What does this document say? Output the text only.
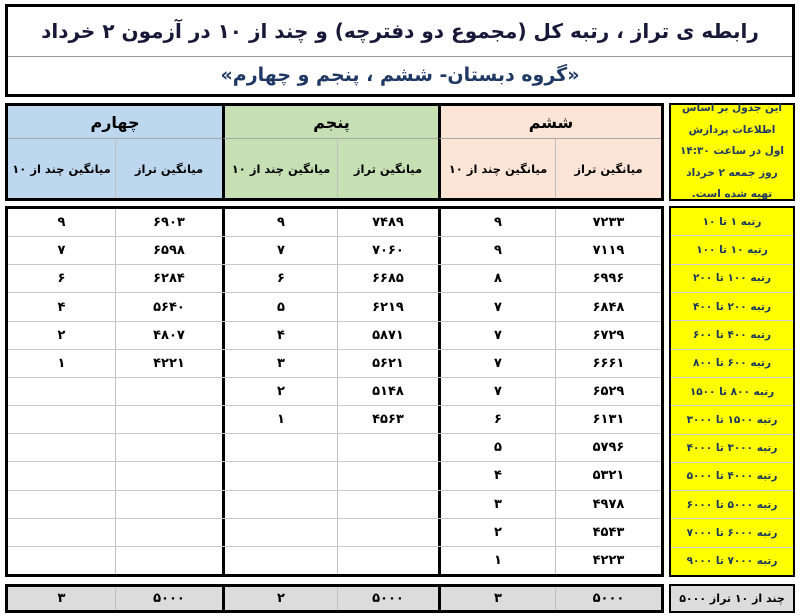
رابطه ی تراز ، رتبه کل (مجموع دو دفترچه) و چند از ۱۰ در آزمون ۲ خرداد
«گروه دبستان- ششم ، پنجم و چهارم»
این جدول بر اساس اطلاعات پردازش اول در ساعت ۱۴:۳۰ روز جمعه ۲ خرداد تهیه شده است.
ششم
پنجم
چهارم
میانگین تراز
میانگین چند از ۱۰
میانگین تراز
میانگین چند از ۱۰
میانگین تراز
میانگین چند از ۱۰
رتبه ۱ تا ۱۰
رتبه ۱۰ تا ۱۰۰
رتبه ۱۰۰ تا ۲۰۰
رتبه ۲۰۰ تا ۴۰۰
رتبه ۴۰۰ تا ۶۰۰
رتبه ۶۰۰ تا ۸۰۰
رتبه ۸۰۰ تا ۱۵۰۰
رتبه ۱۵۰۰ تا ۳۰۰۰
رتبه ۳۰۰۰ تا ۴۰۰۰
رتبه ۴۰۰۰ تا ۵۰۰۰
رتبه ۵۰۰۰ تا ۶۰۰۰
رتبه ۶۰۰۰ تا ۷۰۰۰
رتبه ۷۰۰۰ تا ۹۰۰۰
۷۲۳۳
۹
۷۴۸۹
۹
۶۹۰۳
۹
۷۱۱۹
۹
۷۰۶۰
۷
۶۵۹۸
۷
۶۹۹۶
۸
۶۶۸۵
۶
۶۲۸۴
۶
۶۸۴۸
۷
۶۲۱۹
۵
۵۶۴۰
۴
۶۷۲۹
۷
۵۸۷۱
۴
۴۸۰۷
۲
۶۶۶۱
۷
۵۶۲۱
۳
۴۲۲۱
۱
۶۵۲۹
۷
۵۱۴۸
۲
۶۱۳۱
۶
۴۵۶۳
۱
۵۷۹۶
۵
۵۳۲۱
۴
۴۹۷۸
۳
۴۵۴۳
۲
۴۲۲۳
۱
چند از ۱۰ تراز ۵۰۰۰
۵۰۰۰
۳
۵۰۰۰
۲
۵۰۰۰
۳
